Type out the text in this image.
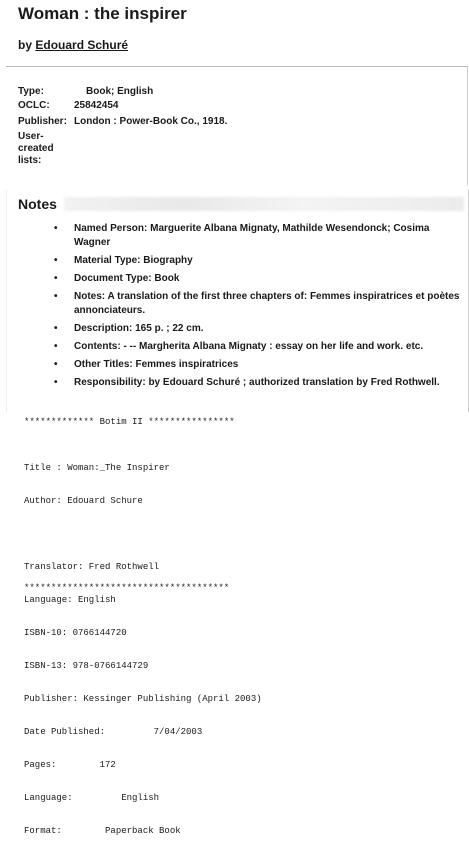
Woman : the inspirer
by Edouard Schuré
Type:	Book; English
OCLC: 25842454
Publisher: London : Power-Book Co., 1918.
User-created lists:
Notes
• Named Person: Marguerite Albana Mignaty, Mathilde Wesendonck; Cosima Wagner
• Material Type: Biography
• Document Type: Book
• Notes: A translation of the first three chapters of: Femmes inspiratrices et poètes annonciateurs.
• Description: 165 p. ; 22 cm.
• Contents: - -- Margherita Albana Mignaty : essay on her life and work. etc.
• Other Titles: Femmes inspiratrices
• Responsibility: by Edouard Schuré ; authorized translation by Fred Rothwell.
************* Botim II ****************

Title : Woman:_The Inspirer

Author: Edouard Schure

Translator: Fred Rothwell

Language: English

ISBN-10: 0766144720

ISBN-13: 978-0766144729

Publisher: Kessinger Publishing (April 2003)

Date Published:         7/04/2003

Pages:        172

Language:         English

Format:        Paperback Book

**************************************
